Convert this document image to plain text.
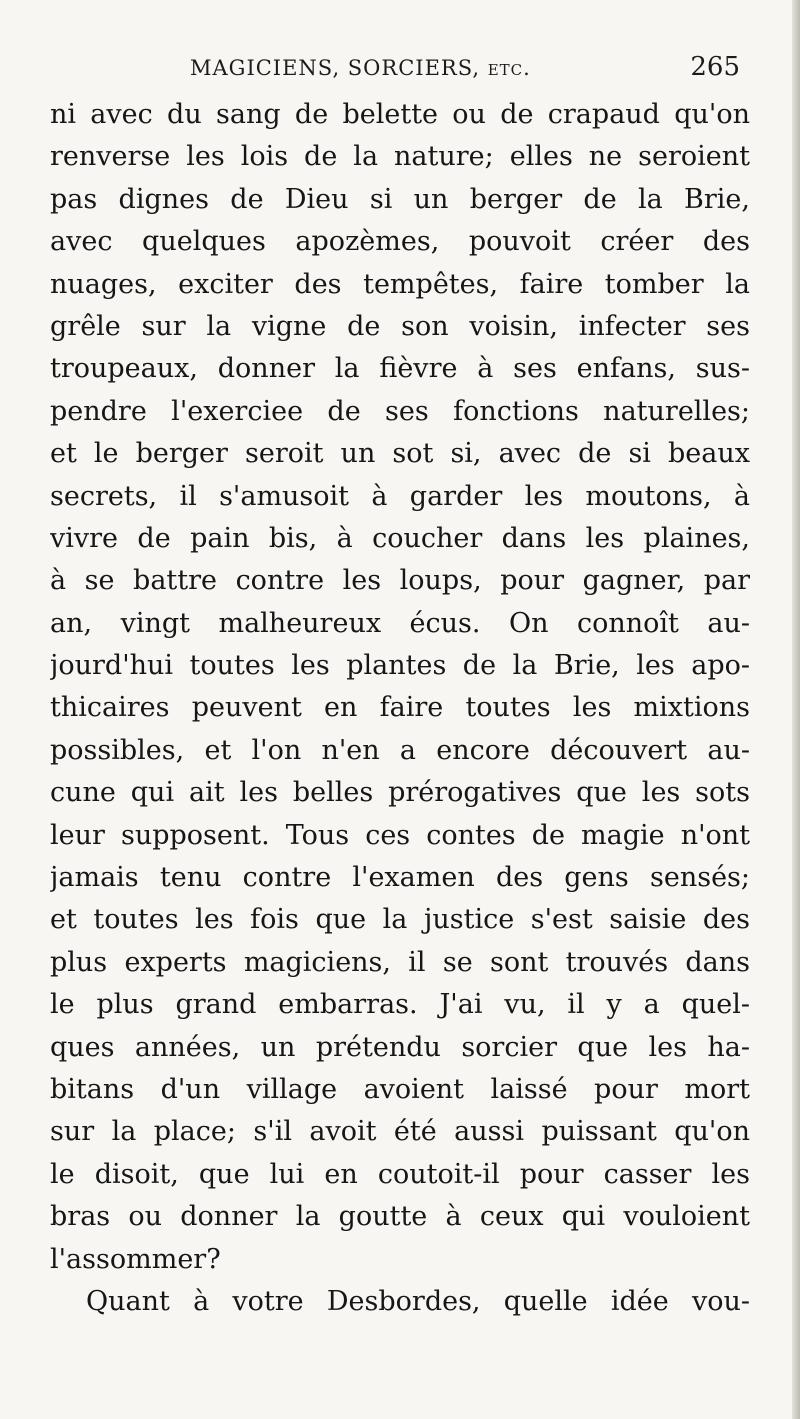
MAGICIENS, SORCIERS, etc.	265
ni avec du sang de belette ou de crapaud qu'on
renverse les lois de la nature; elles ne seroient
pas dignes de Dieu si un berger de la Brie,
avec quelques apozèmes, pouvoit créer des
nuages, exciter des tempêtes, faire tomber la
grêle sur la vigne de son voisin, infecter ses
troupeaux, donner la fièvre à ses enfans, sus-
pendre l'exerciee de ses fonctions naturelles;
et le berger seroit un sot si, avec de si beaux
secrets, il s'amusoit à garder les moutons, à
vivre de pain bis, à coucher dans les plaines,
à se battre contre les loups, pour gagner, par
an, vingt malheureux écus. On connoît au-
jourd'hui toutes les plantes de la Brie, les apo-
thicaires peuvent en faire toutes les mixtions
possibles, et l'on n'en a encore découvert au-
cune qui ait les belles prérogatives que les sots
leur supposent. Tous ces contes de magie n'ont
jamais tenu contre l'examen des gens sensés;
et toutes les fois que la justice s'est saisie des
plus experts magiciens, il se sont trouvés dans
le plus grand embarras. J'ai vu, il y a quel-
ques années, un prétendu sorcier que les ha-
bitans d'un village avoient laissé pour mort
sur la place; s'il avoit été aussi puissant qu'on
le disoit, que lui en coutoit-il pour casser les
bras ou donner la goutte à ceux qui vouloient
l'assommer?
Quant à votre Desbordes, quelle idée vou-
